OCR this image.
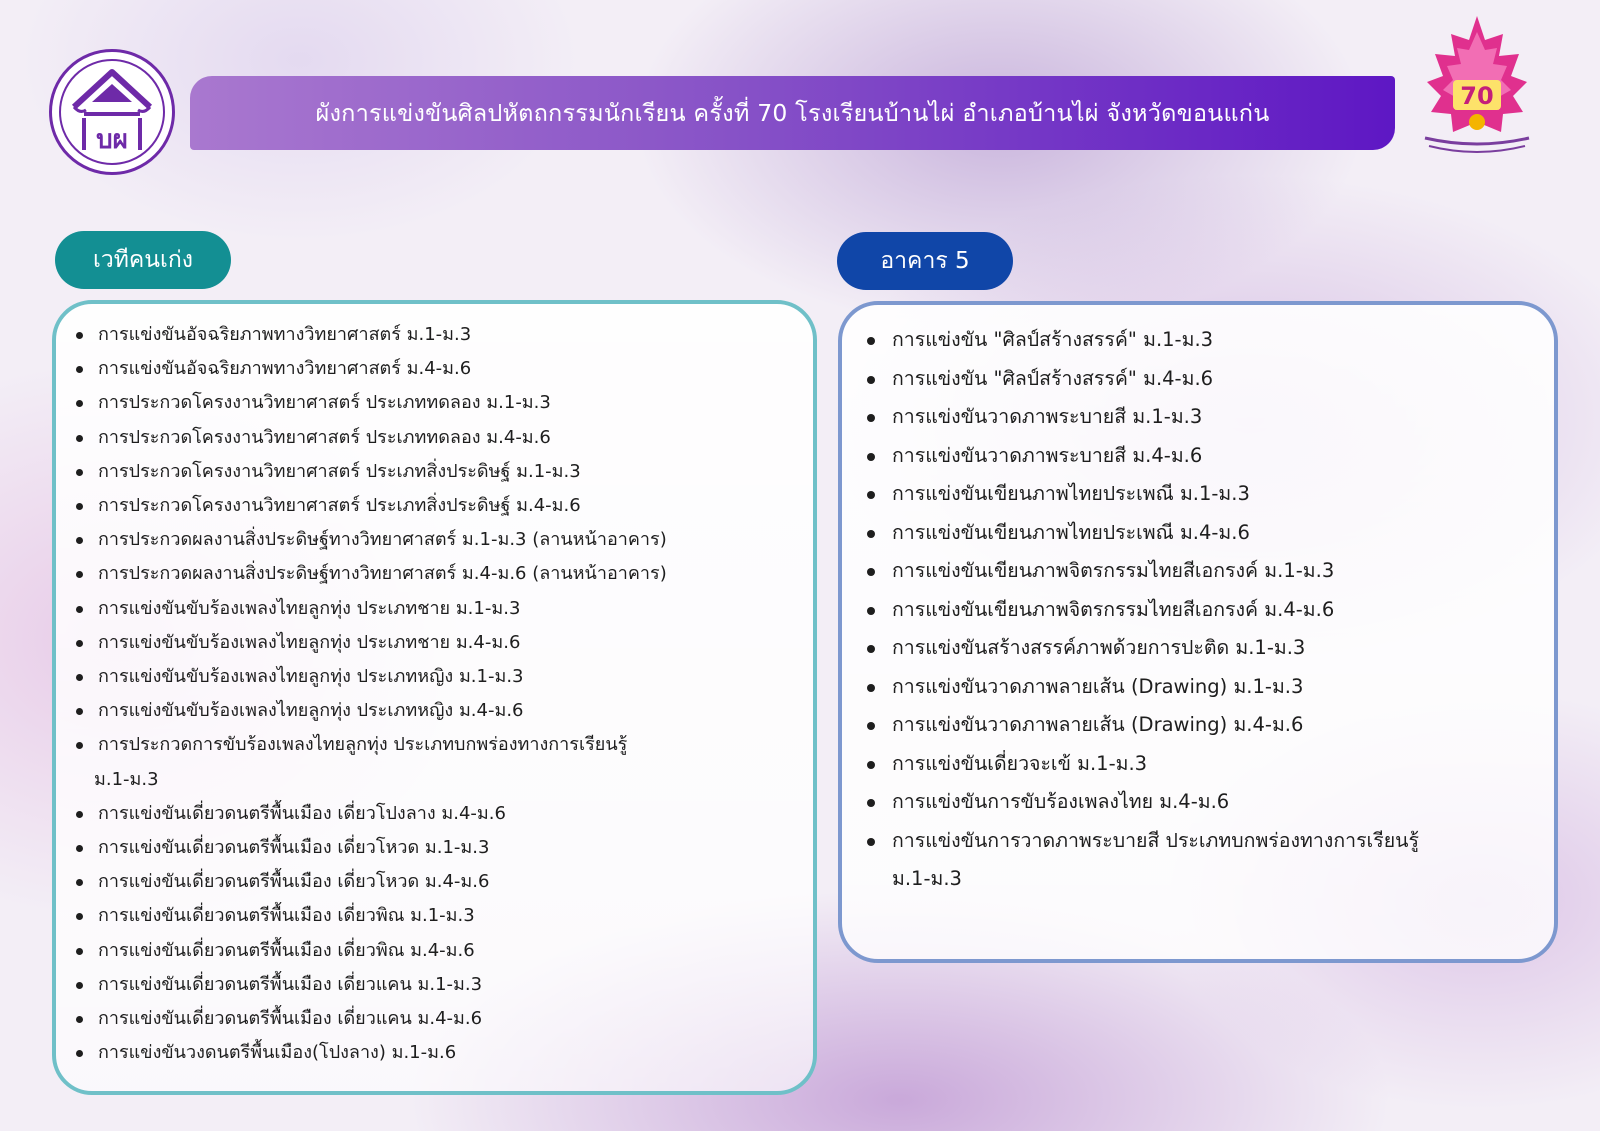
บผ
70
ผังการแข่งขันศิลปหัตถกรรมนักเรียน ครั้งที่ 70 โรงเรียนบ้านไผ่ อำเภอบ้านไผ่ จังหวัดขอนแก่น
เวทีคนเก่ง	อาคาร 5
การแข่งขันอัจฉริยภาพทางวิทยาศาสตร์ ม.1-ม.3
การแข่งขันอัจฉริยภาพทางวิทยาศาสตร์ ม.4-ม.6
การประกวดโครงงานวิทยาศาสตร์ ประเภททดลอง ม.1-ม.3
การประกวดโครงงานวิทยาศาสตร์ ประเภททดลอง ม.4-ม.6
การประกวดโครงงานวิทยาศาสตร์ ประเภทสิ่งประดิษฐ์ ม.1-ม.3
การประกวดโครงงานวิทยาศาสตร์ ประเภทสิ่งประดิษฐ์ ม.4-ม.6
การประกวดผลงานสิ่งประดิษฐ์ทางวิทยาศาสตร์ ม.1-ม.3 (ลานหน้าอาคาร)
การประกวดผลงานสิ่งประดิษฐ์ทางวิทยาศาสตร์ ม.4-ม.6 (ลานหน้าอาคาร)
การแข่งขันขับร้องเพลงไทยลูกทุ่ง ประเภทชาย ม.1-ม.3
การแข่งขันขับร้องเพลงไทยลูกทุ่ง ประเภทชาย ม.4-ม.6
การแข่งขันขับร้องเพลงไทยลูกทุ่ง ประเภทหญิง ม.1-ม.3
การแข่งขันขับร้องเพลงไทยลูกทุ่ง ประเภทหญิง ม.4-ม.6
การประกวดการขับร้องเพลงไทยลูกทุ่ง ประเภทบกพร่องทางการเรียนรู้
ม.1-ม.3
การแข่งขันเดี่ยวดนตรีพื้นเมือง เดี่ยวโปงลาง ม.4-ม.6
การแข่งขันเดี่ยวดนตรีพื้นเมือง เดี่ยวโหวด ม.1-ม.3
การแข่งขันเดี่ยวดนตรีพื้นเมือง เดี่ยวโหวด ม.4-ม.6
การแข่งขันเดี่ยวดนตรีพื้นเมือง เดี่ยวพิณ ม.1-ม.3
การแข่งขันเดี่ยวดนตรีพื้นเมือง เดี่ยวพิณ ม.4-ม.6
การแข่งขันเดี่ยวดนตรีพื้นเมือง เดี่ยวแคน ม.1-ม.3
การแข่งขันเดี่ยวดนตรีพื้นเมือง เดี่ยวแคน ม.4-ม.6
การแข่งขันวงดนตรีพื้นเมือง(โปงลาง) ม.1-ม.6
การแข่งขัน "ศิลป์สร้างสรรค์" ม.1-ม.3
การแข่งขัน "ศิลป์สร้างสรรค์" ม.4-ม.6
การแข่งขันวาดภาพระบายสี ม.1-ม.3
การแข่งขันวาดภาพระบายสี ม.4-ม.6
การแข่งขันเขียนภาพไทยประเพณี ม.1-ม.3
การแข่งขันเขียนภาพไทยประเพณี ม.4-ม.6
การแข่งขันเขียนภาพจิตรกรรมไทยสีเอกรงค์ ม.1-ม.3
การแข่งขันเขียนภาพจิตรกรรมไทยสีเอกรงค์ ม.4-ม.6
การแข่งขันสร้างสรรค์ภาพด้วยการปะติด ม.1-ม.3
การแข่งขันวาดภาพลายเส้น (Drawing) ม.1-ม.3
การแข่งขันวาดภาพลายเส้น (Drawing) ม.4-ม.6
การแข่งขันเดี่ยวจะเข้ ม.1-ม.3
การแข่งขันการขับร้องเพลงไทย ม.4-ม.6
การแข่งขันการวาดภาพระบายสี ประเภทบกพร่องทางการเรียนรู้
ม.1-ม.3
